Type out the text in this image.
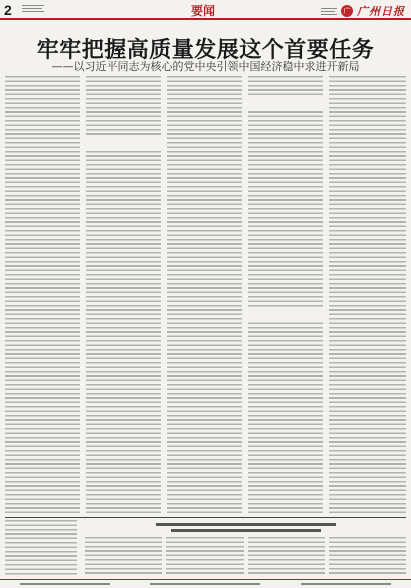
2	要闻	广 广州日报
牢牢把握高质量发展这个首要任务
——以习近平同志为核心的党中央引领中国经济稳中求进开新局
